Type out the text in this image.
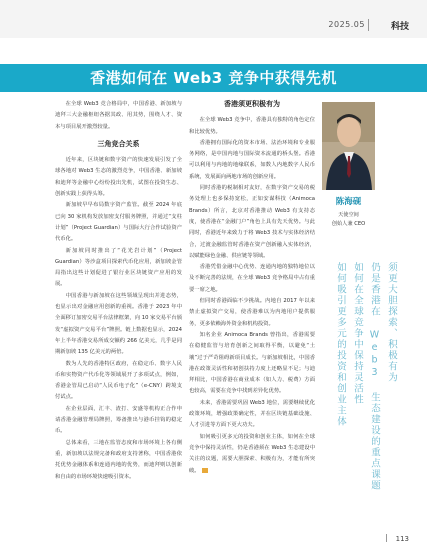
2025.05	科技
香港如何在 Web3 竞争中获得先机

在全球 Web3 竞合格局中，中国香港、新加坡与迪拜三大金融枢纽各据其政、用其势，围绕人才、资本与项目展开激烈较量。

三角竞合关系

近年来，区块链和数字资产的快速发展引发了全球各地对 Web3 生态的激烈竞争，中国香港、新加坡和迪拜等金融中心纷纷投出先机，试图在投资生态、创新实践上获得头筹。

新加坡早早布局数字资产监管。截至 2024 年底已向 30 家机构发放加密支付服务牌照，并通过“支柱计划”（Project Guardian）与国际大行合作试验资产代币化。

新加坡同时推出了“花光岩计划”（Project Guardian）等沙盒项目探索代币化应用，新加坡金管局指出这些计划促进了银行业区块链资产应用的发展。

中国香港与新加坡在这些领域呈现出并进态势，也显示出对金融应用创新的重视。香港于 2023 年中全面移订加密交易平台法律框架，向 10 家交易平台颁发“虚拟资产交易平台”牌照。链上数据也显示，2024 年上半年香港交易所成交额约 266 亿美元，几乎是同期新加坡 135 亿美元的两倍。

数为人先的香港特区政府，在稳定币、数字人民币和实物资产代币化等领域展开了多项试点，例如，香港金管局已启动“人民币电子化”（e-CNY）跨境支付试点。

在企业层面，汇丰、渣打、安盛等机构正合作申请香港金融管理局牌照，筹备推出与港币挂钩的稳定币。

总体来看，三地在监管态度和市场环境上各有侧重，新加坡以法规完备和政府支持著称，中国香港依托优势金融体系和连通内地的优势，而迪拜则以创新和自由的市场环境快速吸引资本。

香港须更积极有为

在全球 Web3 竞争中，香港具有独特的角色定位和比较优势。

香港拥有国际化的资本市场、法治环境和专业服务网络，是中国内地与国际资本流通的桥头堡。香港可以利用与内地的地缘联系，如数人内地数字人民币系统，发展面向两地市场的创新应用。

同时香港的税制相对友好，在数字资产交易的税务处理上也多保持宽松，正如安谋科技（Animoca Brands）所言，北京对香港推动 Web3 有支持态度，使香港在“金融门户”角色上具有先天优势。与此同时，香港近年来致力于将 Web3 技术与实体经济结合，过渡金融监管时香港在资产创新融入实体经济，以赋能绿色金融、供应链等领域。

香港凭借金融中心优势、连通内地的独特地位以及不断完善的法规，在全球 Web3 竞争格局中占有重要一席之地。

但同时香港面临不少挑战。内地自 2017 年以来禁止虚拟资产交易，使香港难以为内地用户提供服务，更多依赖海外资金和机构投资。

知名企业 Animoca Brands 曾指出，香港需要在稳健监管与培育创新之间取得平衡，以避免“土壤”过于严苛阻碍新项目成长。与新加坡相比，中国香港在政策灵活性和初创扶持力度上还略显不足；与迪拜相比，中国香港在商业成本（如人力、税费）方面也较高，需要在竞争中找到差异化优势。

未来，香港需要巩固 Web3 地位，需要继续优化政策环境，增强政策确定性，并在区块链基础设施、人才引进等方面下更大功夫。

如何吸引更多元的投资和创业主体，如何在全球竞争中保持灵活性，仍是香港须在 Web3 生态建设中关注的议题，需要大胆探索、积极有为，才能有所突破。

陈海砚
天使空间
创始人兼 CEO
须更大胆探索、积极有为
仍是香港在 Web3 生态建设的重点课题
如何在全球竞争中保持灵活性
如何吸引更多元的投资和创业主体
113
